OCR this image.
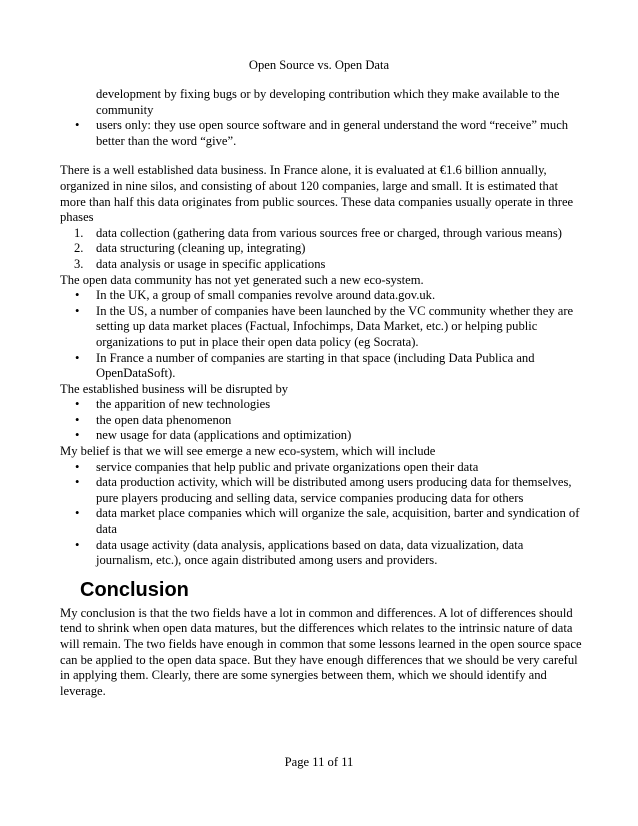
Open Source vs. Open Data

development by fixing bugs or by developing contribution which they make available to the community

• users only: they use open source software and in general understand the word “receive” much better than the word “give”.

There is a well established data business. In France alone, it is evaluated at €1.6 billion annually, organized in nine silos, and consisting of about 120 companies, large and small. It is estimated that more than half this data originates from public sources. These data companies usually operate in three phases

1. data collection (gathering data from various sources free or charged, through various means)
2. data structuring (cleaning up, integrating)
3. data analysis or usage in specific applications

The open data community has not yet generated such a new eco-system.

• In the UK, a group of small companies revolve around data.gov.uk.
• In the US, a number of companies have been launched by the VC community whether they are setting up data market places (Factual, Infochimps, Data Market, etc.) or helping public organizations to put in place their open data policy (eg Socrata).
• In France a number of companies are starting in that space (including Data Publica and OpenDataSoft).

The established business will be disrupted by

• the apparition of new technologies
• the open data phenomenon
• new usage for data (applications and optimization)

My belief is that we will see emerge a new eco-system, which will include

• service companies that help public and private organizations open their data
• data production activity, which will be distributed among users producing data for themselves, pure players producing and selling data, service companies producing data for others
• data market place companies which will organize the sale, acquisition, barter and syndication of data
• data usage activity (data analysis, applications based on data, data vizualization, data journalism, etc.), once again distributed among users and providers.
Conclusion

My conclusion is that the two fields have a lot in common and differences. A lot of differences should tend to shrink when open data matures, but the differences which relates to the intrinsic nature of data will remain. The two fields have enough in common that some lessons learned in the open source space can be applied to the open data space. But they have enough differences that we should be very careful in applying them. Clearly, there are some synergies between them, which we should identify and leverage.

Page 11 of 11
